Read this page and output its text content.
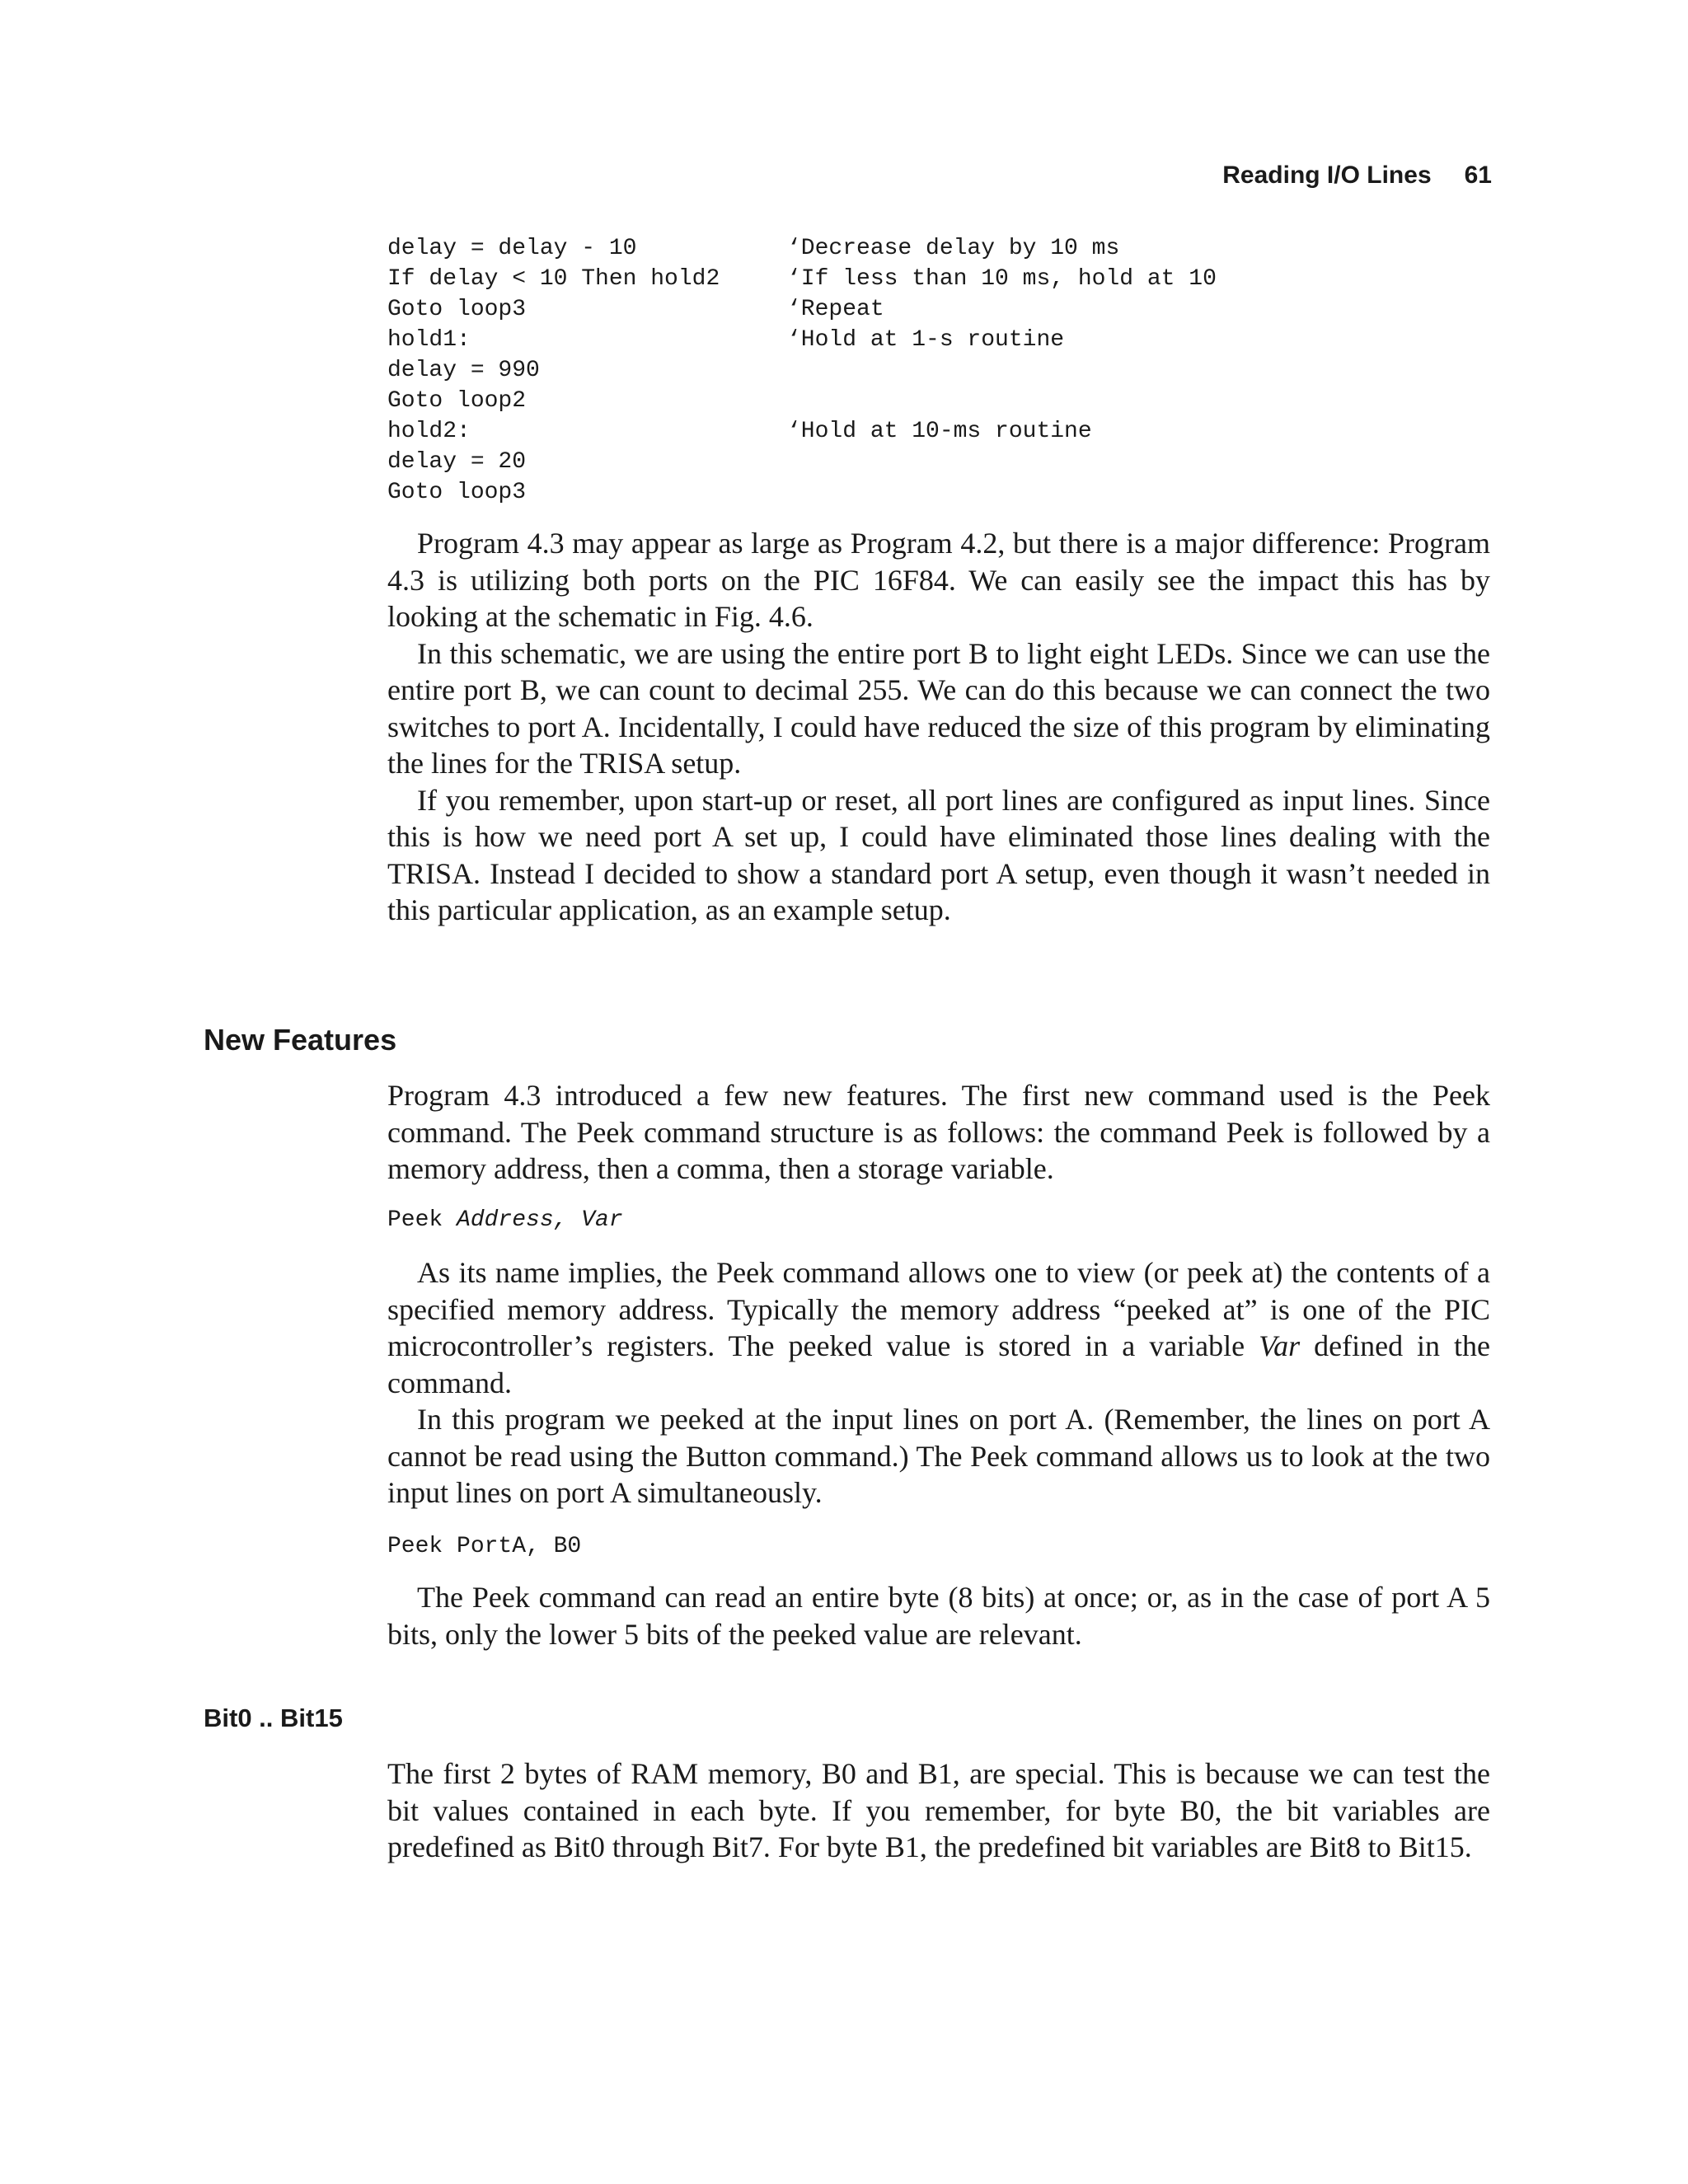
Reading I/O Lines 61
delay = delay - 10	‘Decrease delay by 10 ms
If delay < 10 Then hold2	‘If less than 10 ms, hold at 10
Goto loop3	‘Repeat
hold1:	‘Hold at 1-s routine
delay = 990
Goto loop2
hold2:	‘Hold at 10-ms routine
delay = 20
Goto loop3

Program 4.3 may appear as large as Program 4.2, but there is a major difference: Program 4.3 is utilizing both ports on the PIC 16F84. We can easily see the impact this has by looking at the schematic in Fig. 4.6.

In this schematic, we are using the entire port B to light eight LEDs. Since we can use the entire port B, we can count to decimal 255. We can do this because we can connect the two switches to port A. Incidentally, I could have reduced the size of this program by eliminating the lines for the TRISA setup.

If you remember, upon start-up or reset, all port lines are configured as input lines. Since this is how we need port A set up, I could have eliminated those lines dealing with the TRISA. Instead I decided to show a standard port A setup, even though it wasn’t needed in this particular application, as an example setup.

New Features

Program 4.3 introduced a few new features. The first new command used is the Peek command. The Peek command structure is as follows: the command Peek is followed by a memory address, then a comma, then a storage variable.

Peek Address, Var

As its name implies, the Peek command allows one to view (or peek at) the contents of a specified memory address. Typically the memory address “peeked at” is one of the PIC microcontroller’s registers. The peeked value is stored in a variable Var defined in the command.

In this program we peeked at the input lines on port A. (Remember, the lines on port A cannot be read using the Button command.) The Peek command allows us to look at the two input lines on port A simultaneously.

Peek PortA, B0

The Peek command can read an entire byte (8 bits) at once; or, as in the case of port A 5 bits, only the lower 5 bits of the peeked value are relevant.

Bit0 .. Bit15

The first 2 bytes of RAM memory, B0 and B1, are special. This is because we can test the bit values contained in each byte. If you remember, for byte B0, the bit variables are predefined as Bit0 through Bit7. For byte B1, the predefined bit variables are Bit8 to Bit15.
